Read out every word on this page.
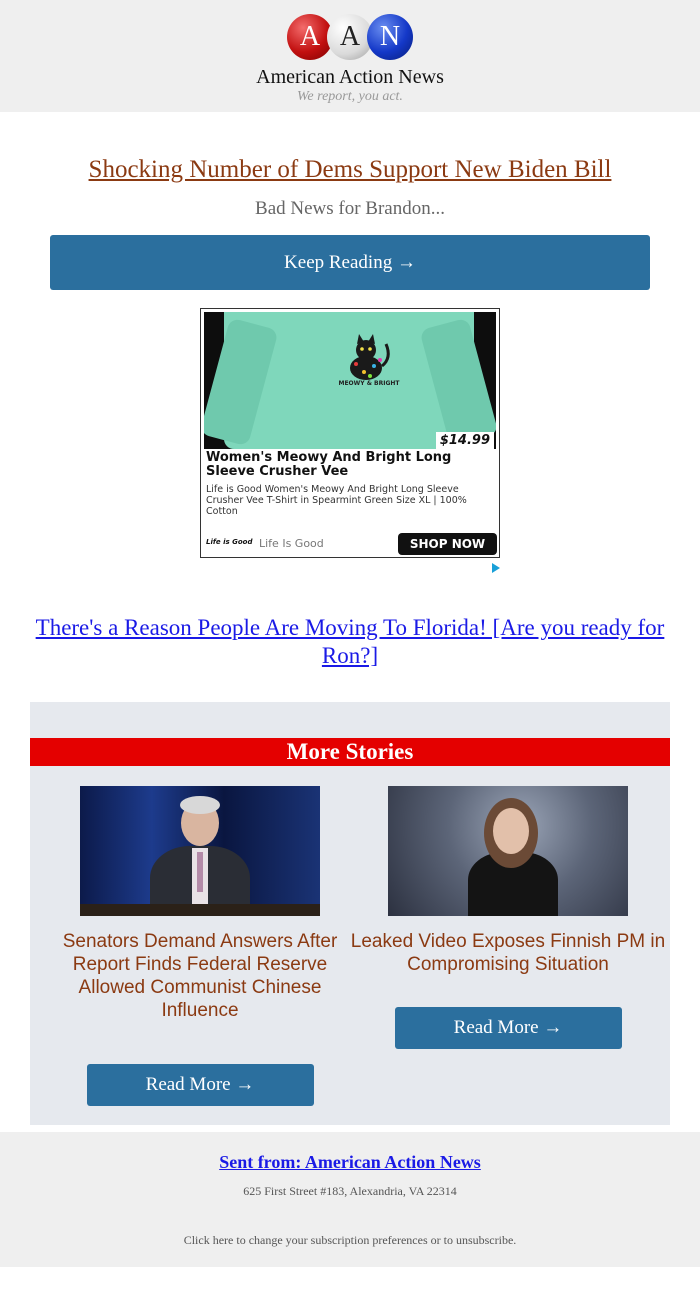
A A N
American Action News
We report, you act.
Shocking Number of Dems Support New Biden Bill
Bad News for Brandon...
Keep Reading →
MEOWY & BRIGHT
$14.99
Women's Meowy And Bright Long Sleeve Crusher Vee
Life is Good Women's Meowy And Bright Long Sleeve Crusher Vee T-Shirt in Spearmint Green Size XL | 100% Cotton
Life is Good Life Is Good	SHOP NOW
There's a Reason People Are Moving To Florida! [Are you ready for Ron?]
More Stories
Senators Demand Answers After Report Finds Federal Reserve Allowed Communist Chinese Influence
Read More →
Leaked Video Exposes Finnish PM in Compromising Situation
Read More →
Sent from: American Action News
625 First Street #183, Alexandria, VA 22314
Click here to change your subscription preferences or to unsubscribe.
